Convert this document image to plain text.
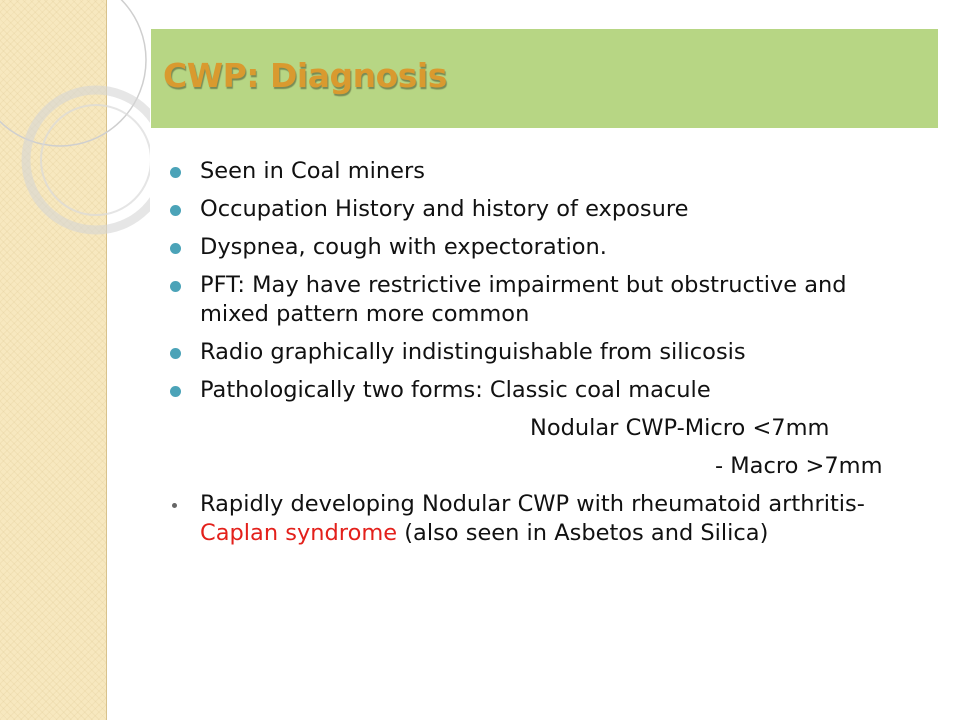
CWP: Diagnosis
Seen in Coal miners
Occupation History and history of exposure
Dyspnea, cough with expectoration.
PFT: May have restrictive impairment but obstructive and mixed pattern more common
Radio graphically indistinguishable from silicosis
Pathologically two forms: Classic coal macule
Nodular CWP-Micro <7mm
- Macro >7mm
Rapidly developing Nodular CWP with rheumatoid arthritis- Caplan syndrome (also seen in Asbetos and Silica)
